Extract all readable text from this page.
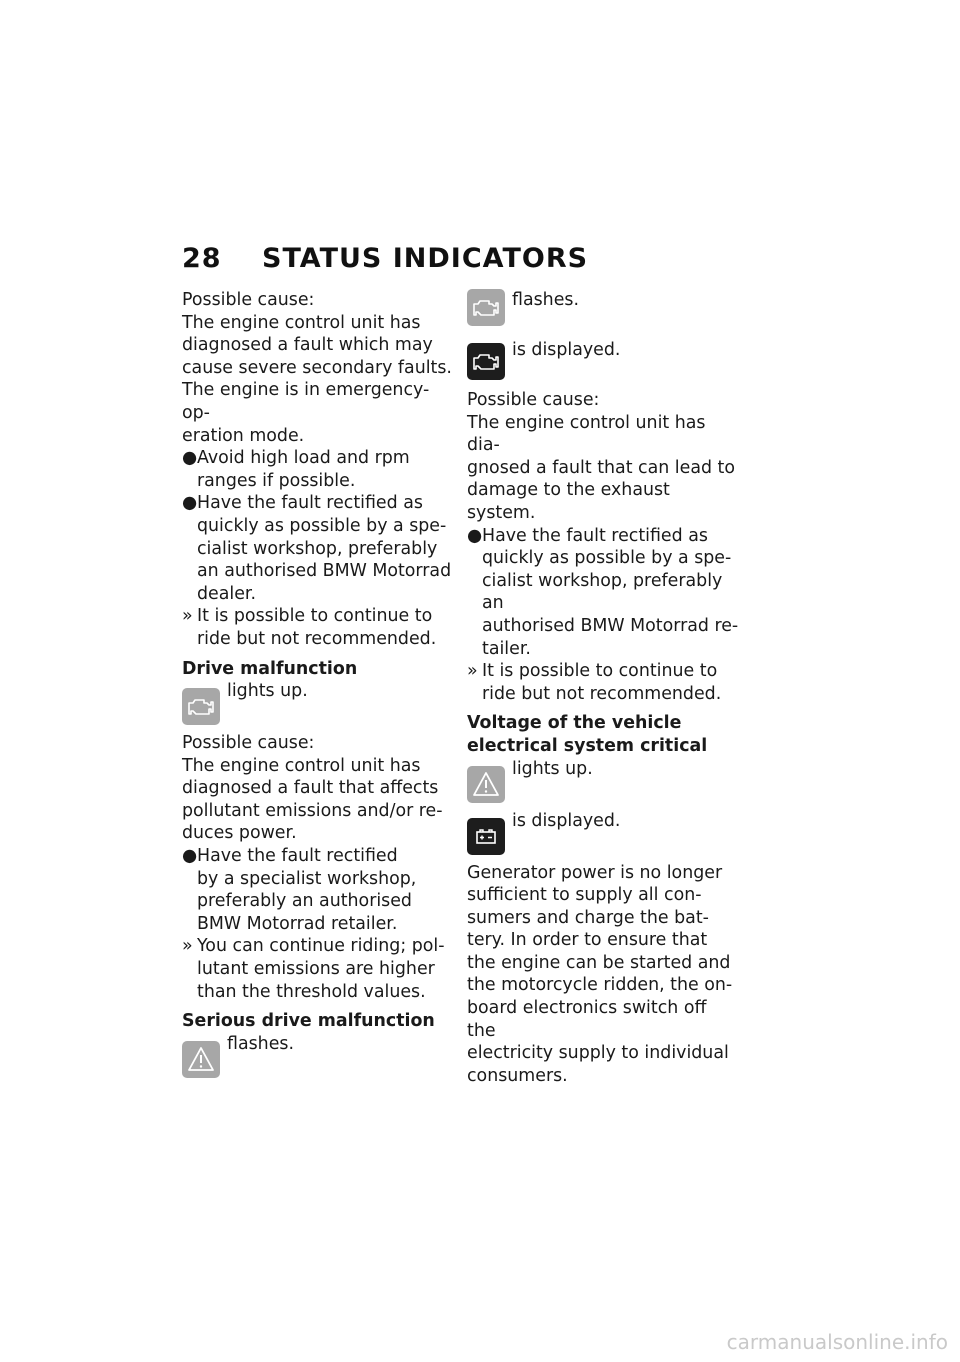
28 STATUS INDICATORS

Possible cause:

The engine control unit has

diagnosed a fault which may

cause severe secondary faults.

The engine is in emergency-op-

eration mode.

● Avoid high load and rpm

ranges if possible.

● Have the fault rectified as

quickly as possible by a spe-

cialist workshop, preferably

an authorised BMW Motorrad

dealer.

» It is possible to continue to

ride but not recommended.

Drive malfunction

lights up.

Possible cause:

The engine control unit has

diagnosed a fault that affects

pollutant emissions and/or re-

duces power.

● Have the fault rectified

by a specialist workshop,

preferably an authorised

BMW Motorrad retailer.

» You can continue riding; pol-

lutant emissions are higher

than the threshold values.

Serious drive malfunction

flashes.

flashes.

is displayed.

Possible cause:

The engine control unit has dia-

gnosed a fault that can lead to

damage to the exhaust system.

● Have the fault rectified as

quickly as possible by a spe-

cialist workshop, preferably an

authorised BMW Motorrad re-

tailer.

» It is possible to continue to

ride but not recommended.

Voltage of the vehicle

electrical system critical

lights up.

is displayed.

Generator power is no longer

sufficient to supply all con-

sumers and charge the bat-

tery. In order to ensure that

the engine can be started and

the motorcycle ridden, the on-

board electronics switch off the

electricity supply to individual

consumers.

carmanualsonline.info
